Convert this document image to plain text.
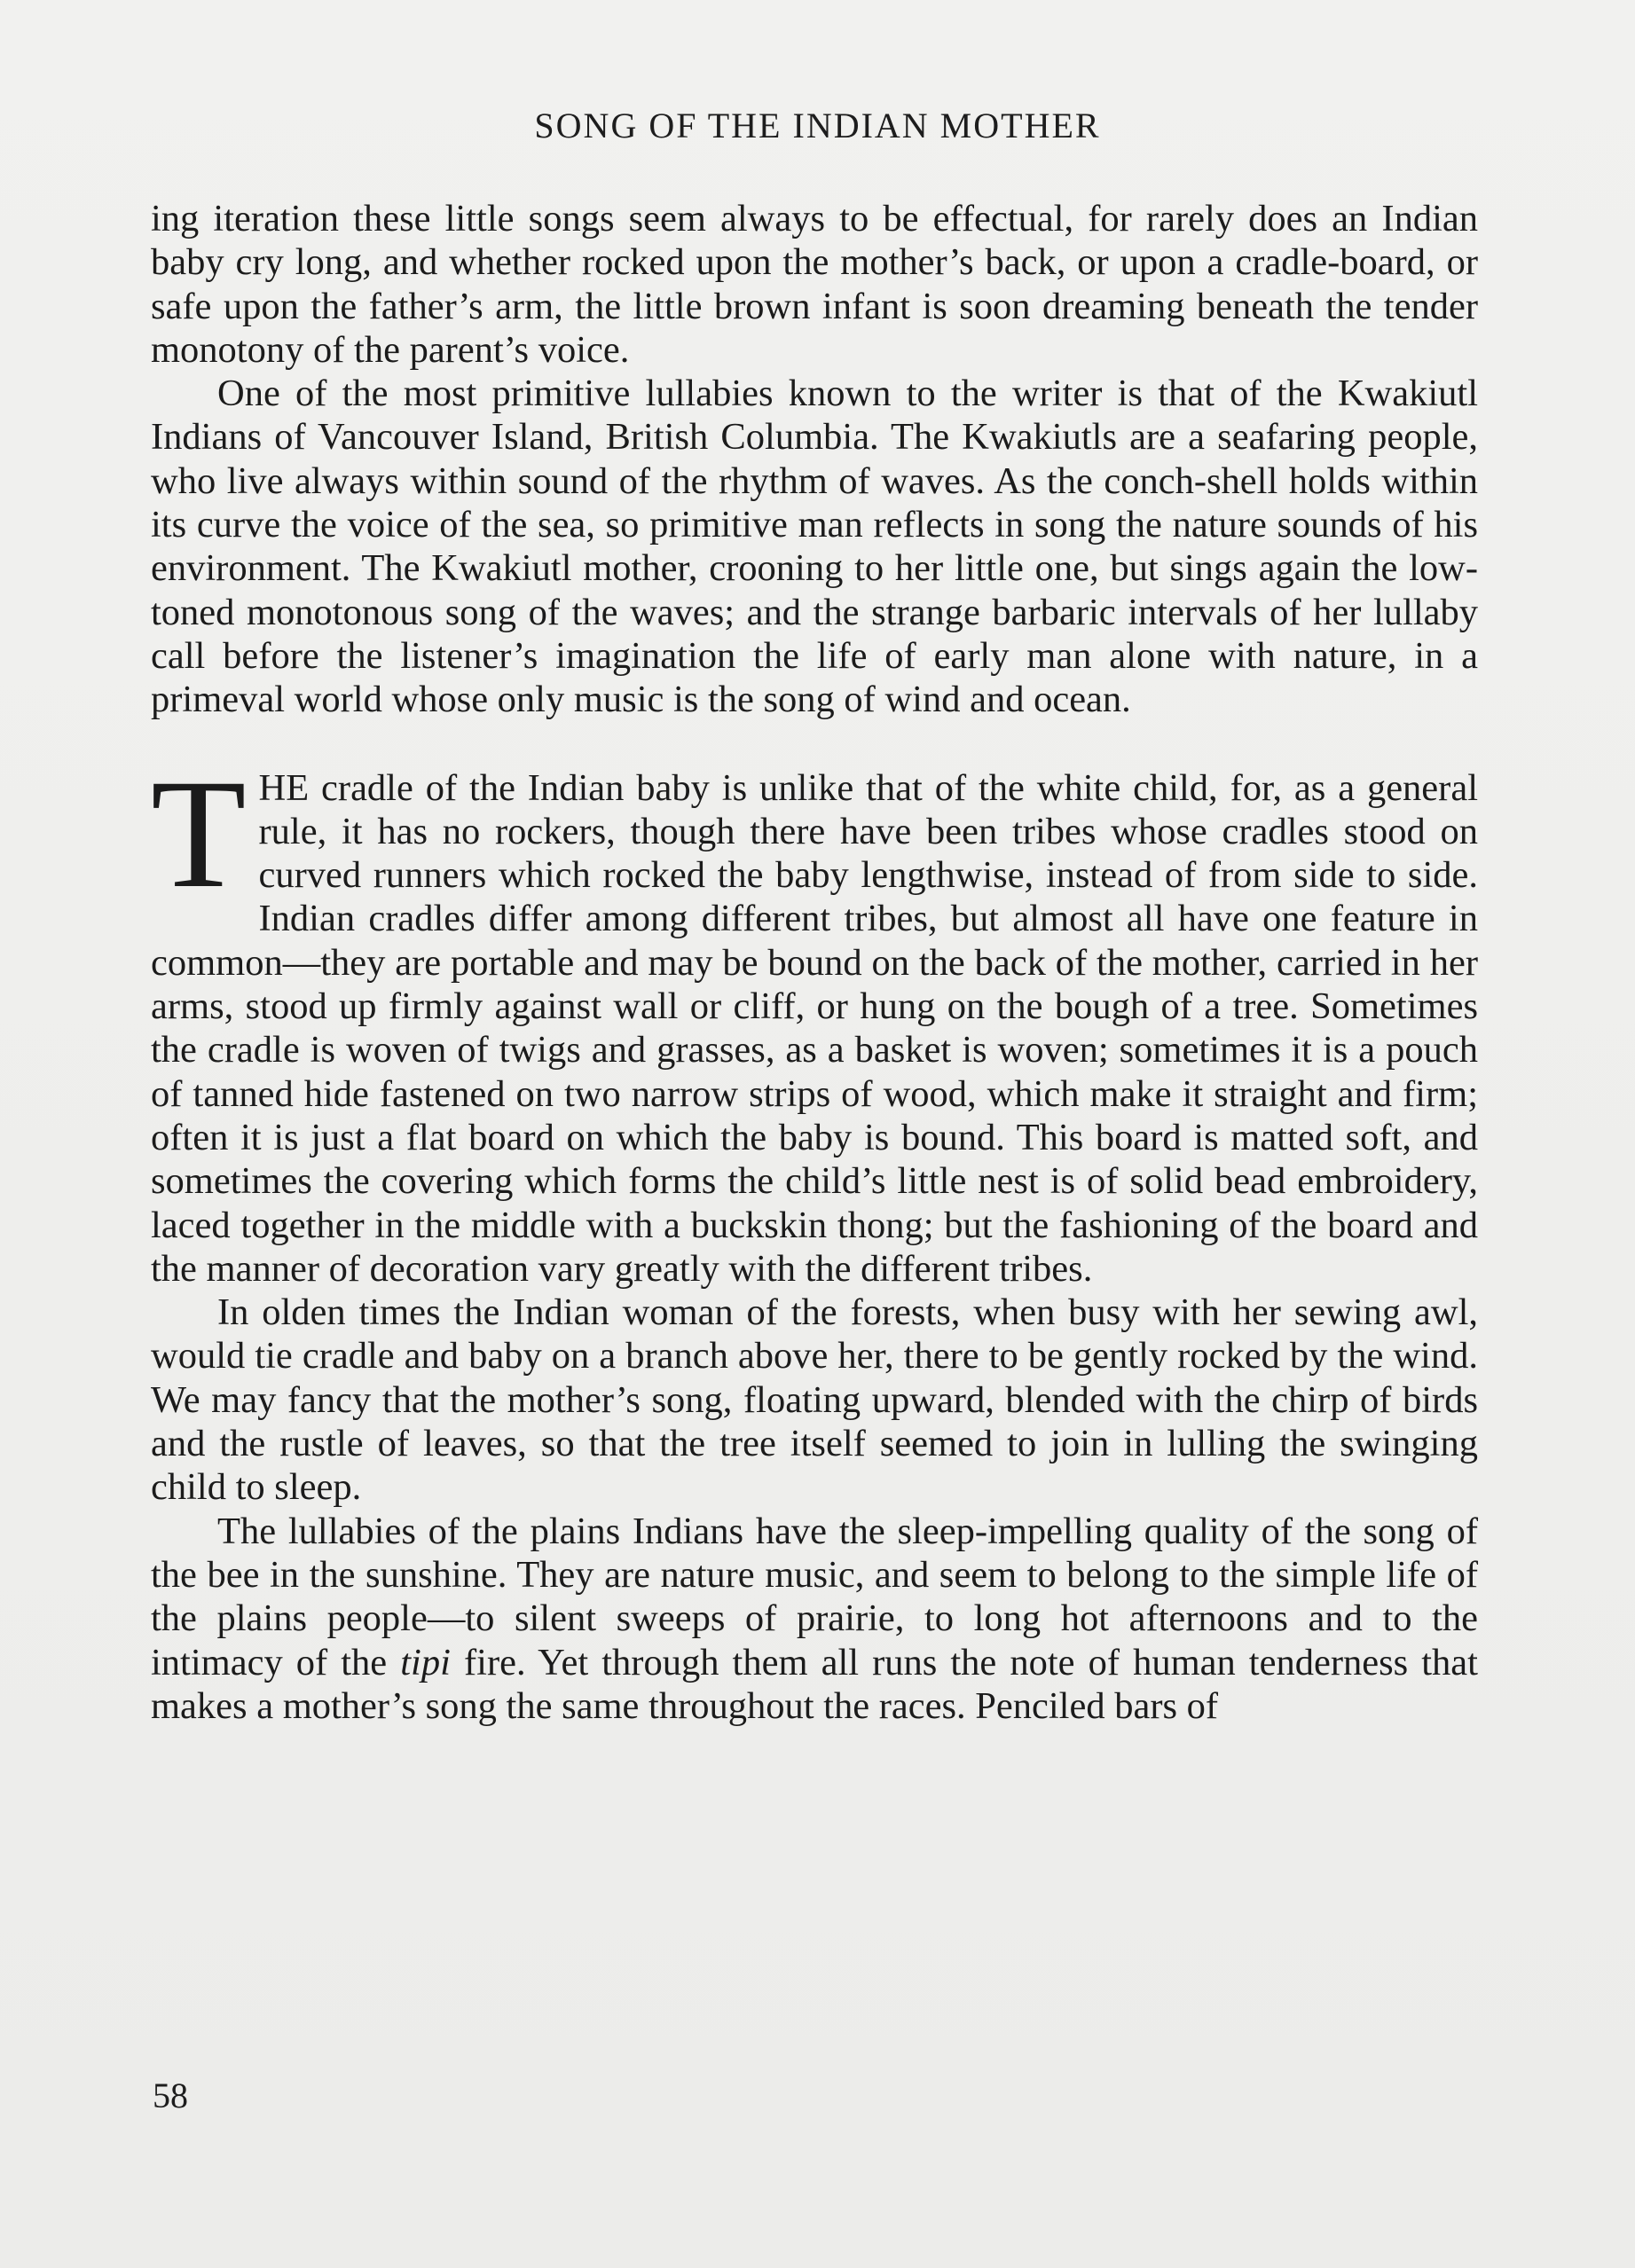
SONG OF THE INDIAN MOTHER

ing iteration these little songs seem always to be effectual, for rarely does an Indian baby cry long, and whether rocked upon the mother’s back, or upon a cradle-board, or safe upon the father’s arm, the little brown infant is soon dreaming beneath the tender monotony of the parent’s voice.

One of the most primitive lullabies known to the writer is that of the Kwakiutl Indians of Vancouver Island, British Columbia. The Kwakiutls are a seafaring people, who live always within sound of the rhythm of waves. As the conch-shell holds within its curve the voice of the sea, so primitive man reflects in song the nature sounds of his environment. The Kwakiutl mother, crooning to her little one, but sings again the low-toned monotonous song of the waves; and the strange barbaric intervals of her lullaby call before the listener’s imagination the life of early man alone with nature, in a primeval world whose only music is the song of wind and ocean.

THE cradle of the Indian baby is unlike that of the white child, for, as a general rule, it has no rockers, though there have been tribes whose cradles stood on curved runners which rocked the baby lengthwise, instead of from side to side. Indian cradles differ among different tribes, but almost all have one feature in common—they are portable and may be bound on the back of the mother, carried in her arms, stood up firmly against wall or cliff, or hung on the bough of a tree. Sometimes the cradle is woven of twigs and grasses, as a basket is woven; sometimes it is a pouch of tanned hide fastened on two narrow strips of wood, which make it straight and firm; often it is just a flat board on which the baby is bound. This board is matted soft, and sometimes the covering which forms the child’s little nest is of solid bead embroidery, laced together in the middle with a buckskin thong; but the fashioning of the board and the manner of decoration vary greatly with the different tribes.

In olden times the Indian woman of the forests, when busy with her sewing awl, would tie cradle and baby on a branch above her, there to be gently rocked by the wind. We may fancy that the mother’s song, floating upward, blended with the chirp of birds and the rustle of leaves, so that the tree itself seemed to join in lulling the swinging child to sleep.

The lullabies of the plains Indians have the sleep-impelling quality of the song of the bee in the sunshine. They are nature music, and seem to belong to the simple life of the plains people—to silent sweeps of prairie, to long hot afternoons and to the intimacy of the tipi fire. Yet through them all runs the note of human tenderness that makes a mother’s song the same throughout the races. Penciled bars of

58
